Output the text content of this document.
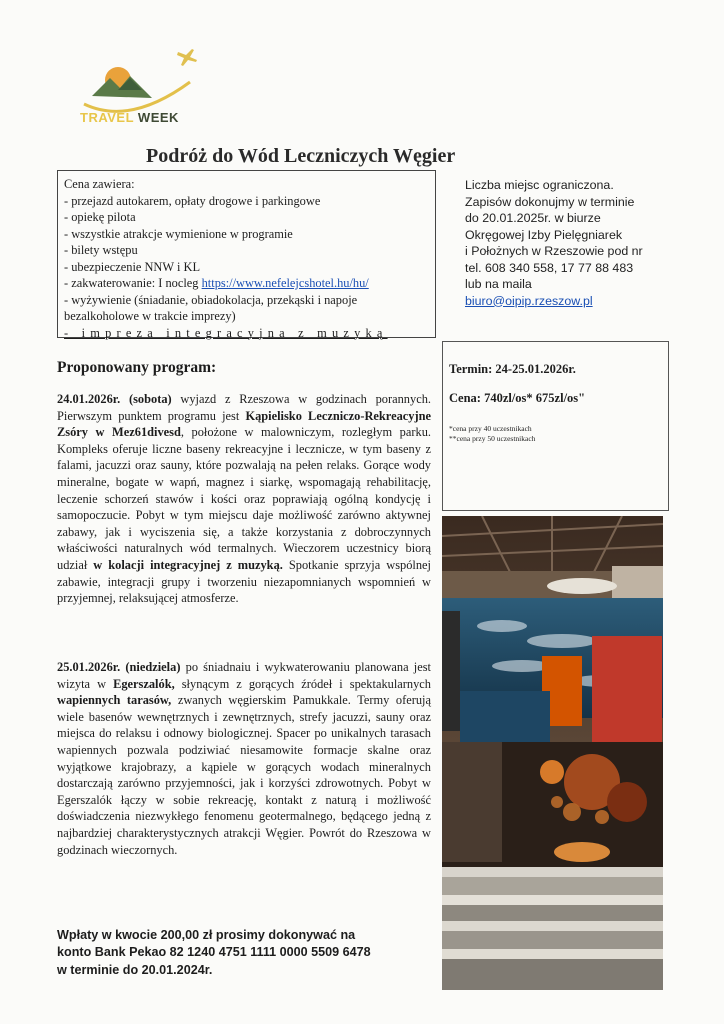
TRAVEL WEEK
Podróż do Wód Leczniczych Węgier
Cena zawiera:
- przejazd autokarem, opłaty drogowe i parkingowe
- opiekę pilota
- wszystkie atrakcje wymienione w programie
- bilety wstępu
- ubezpieczenie NNW i KL
- zakwaterowanie: I nocleg https://www.nefelejcshotel.hu/hu/
- wyżywienie (śniadanie, obiadokolacja, przekąski i napoje
bezalkoholowe w trakcie imprezy)
- impreza integracyjna z muzyką
Liczba miejsc ograniczona.
Zapisów dokonujmy w terminie
do 20.01.2025r. w biurze
Okręgowej Izby Pielęgniarek
i Położnych w Rzeszowie pod nr
tel. 608 340 558, 17 77 88 483
lub na maila
biuro@oipip.rzeszow.pl
Proponowany program:	Termin: 24-25.01.2026r.
Cena: 740zl/os* 675zl/os"
*cena przy 40 uczestnikach
**cena przy 50 uczestnikach
24.01.2026r. (sobota) wyjazd z Rzeszowa w godzinach porannych. Pierwszym punktem programu jest Kąpielisko Leczniczo-Rekreacyjne Zsóry w Mez61divesd, położone w malowniczym, rozległym parku. Kompleks oferuje liczne baseny rekreacyjne i lecznicze, w tym baseny z falami, jacuzzi oraz sauny, które pozwalają na pełen relaks. Gorące wody mineralne, bogate w wapń, magnez i siarkę, wspomagają rehabilitację, leczenie schorzeń stawów i kości oraz poprawiają ogólną kondycję i samopoczucie. Pobyt w tym miejscu daje możliwość zarówno aktywnej zabawy, jak i wyciszenia się, a także korzystania z dobroczynnych właściwości naturalnych wód termalnych. Wieczorem uczestnicy biorą udział w kolacji integracyjnej z muzyką. Spotkanie sprzyja wspólnej zabawie, integracji grupy i tworzeniu niezapomnianych wspomnień w przyjemnej, relaksującej atmosferze.
25.01.2026r. (niedziela) po śniadnaiu i wykwaterowaniu planowana jest wizyta w Egerszalók, słynącym z gorących źródeł i spektakularnych wapiennych tarasów, zwanych węgierskim Pamukkale. Termy oferują wiele basenów wewnętrznych i zewnętrznych, strefy jacuzzi, sauny oraz miejsca do relaksu i odnowy biologicznej. Spacer po unikalnych tarasach wapiennych pozwala podziwiać niesamowite formacje skalne oraz wyjątkowe krajobrazy, a kąpiele w gorących wodach mineralnych dostarczają zarówno przyjemności, jak i korzyści zdrowotnych. Pobyt w Egerszalók łączy w sobie rekreację, kontakt z naturą i możliwość doświadczenia niezwykłego fenomenu geotermalnego, będącego jedną z najbardziej charakterystycznych atrakcji Węgier. Powrót do Rzeszowa w godzinach wieczornych.
Wpłaty w kwocie 200,00 zł prosimy dokonywać na
konto Bank Pekao 82 1240 4751 1111 0000 5509 6478
w terminie do 20.01.2024r.
